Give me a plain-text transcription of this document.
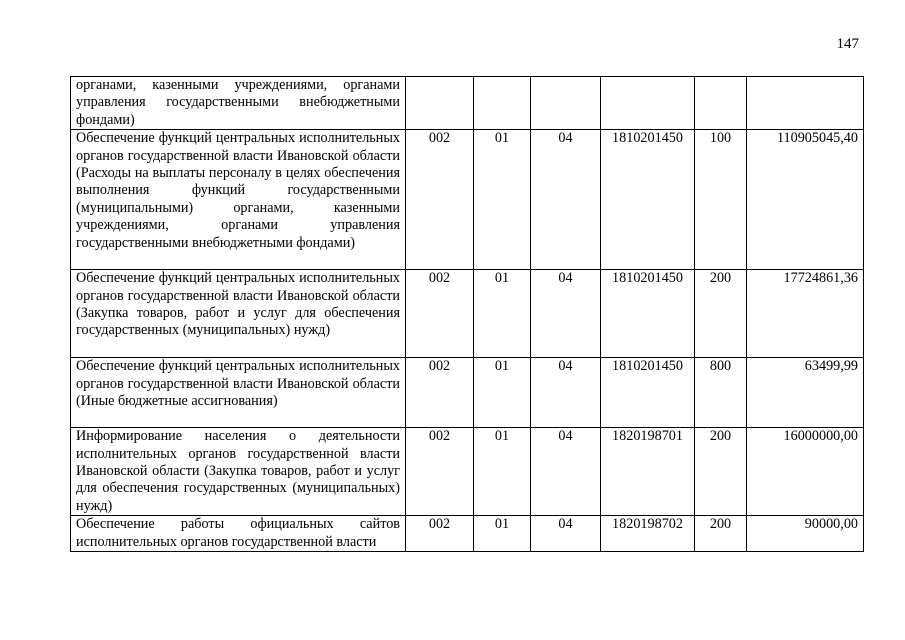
147
органами, казенными учреждениями, органами управления государственными внебюджетными фондами)						
Обеспечение функций центральных исполнительных органов государственной власти Ивановской области (Расходы на выплаты персоналу в целях обеспечения выполнения функций государственными (муниципальными) органами, казенными учреждениями, органами управления государственными внебюджетными фондами)	002	01	04	1810201450	100	110905045,40
Обеспечение функций центральных исполнительных органов государственной власти Ивановской области (Закупка товаров, работ и услуг для обеспечения государственных (муниципальных) нужд)	002	01	04	1810201450	200	17724861,36
Обеспечение функций центральных исполнительных органов государственной власти Ивановской области (Иные бюджетные ассигнования)	002	01	04	1810201450	800	63499,99
Информирование населения о деятельности исполнительных органов государственной власти Ивановской области (Закупка товаров, работ и услуг для обеспечения государственных (муниципальных) нужд)	002	01	04	1820198701	200	16000000,00
Обеспечение работы официальных сайтов исполнительных органов государственной власти	002	01	04	1820198702	200	90000,00
